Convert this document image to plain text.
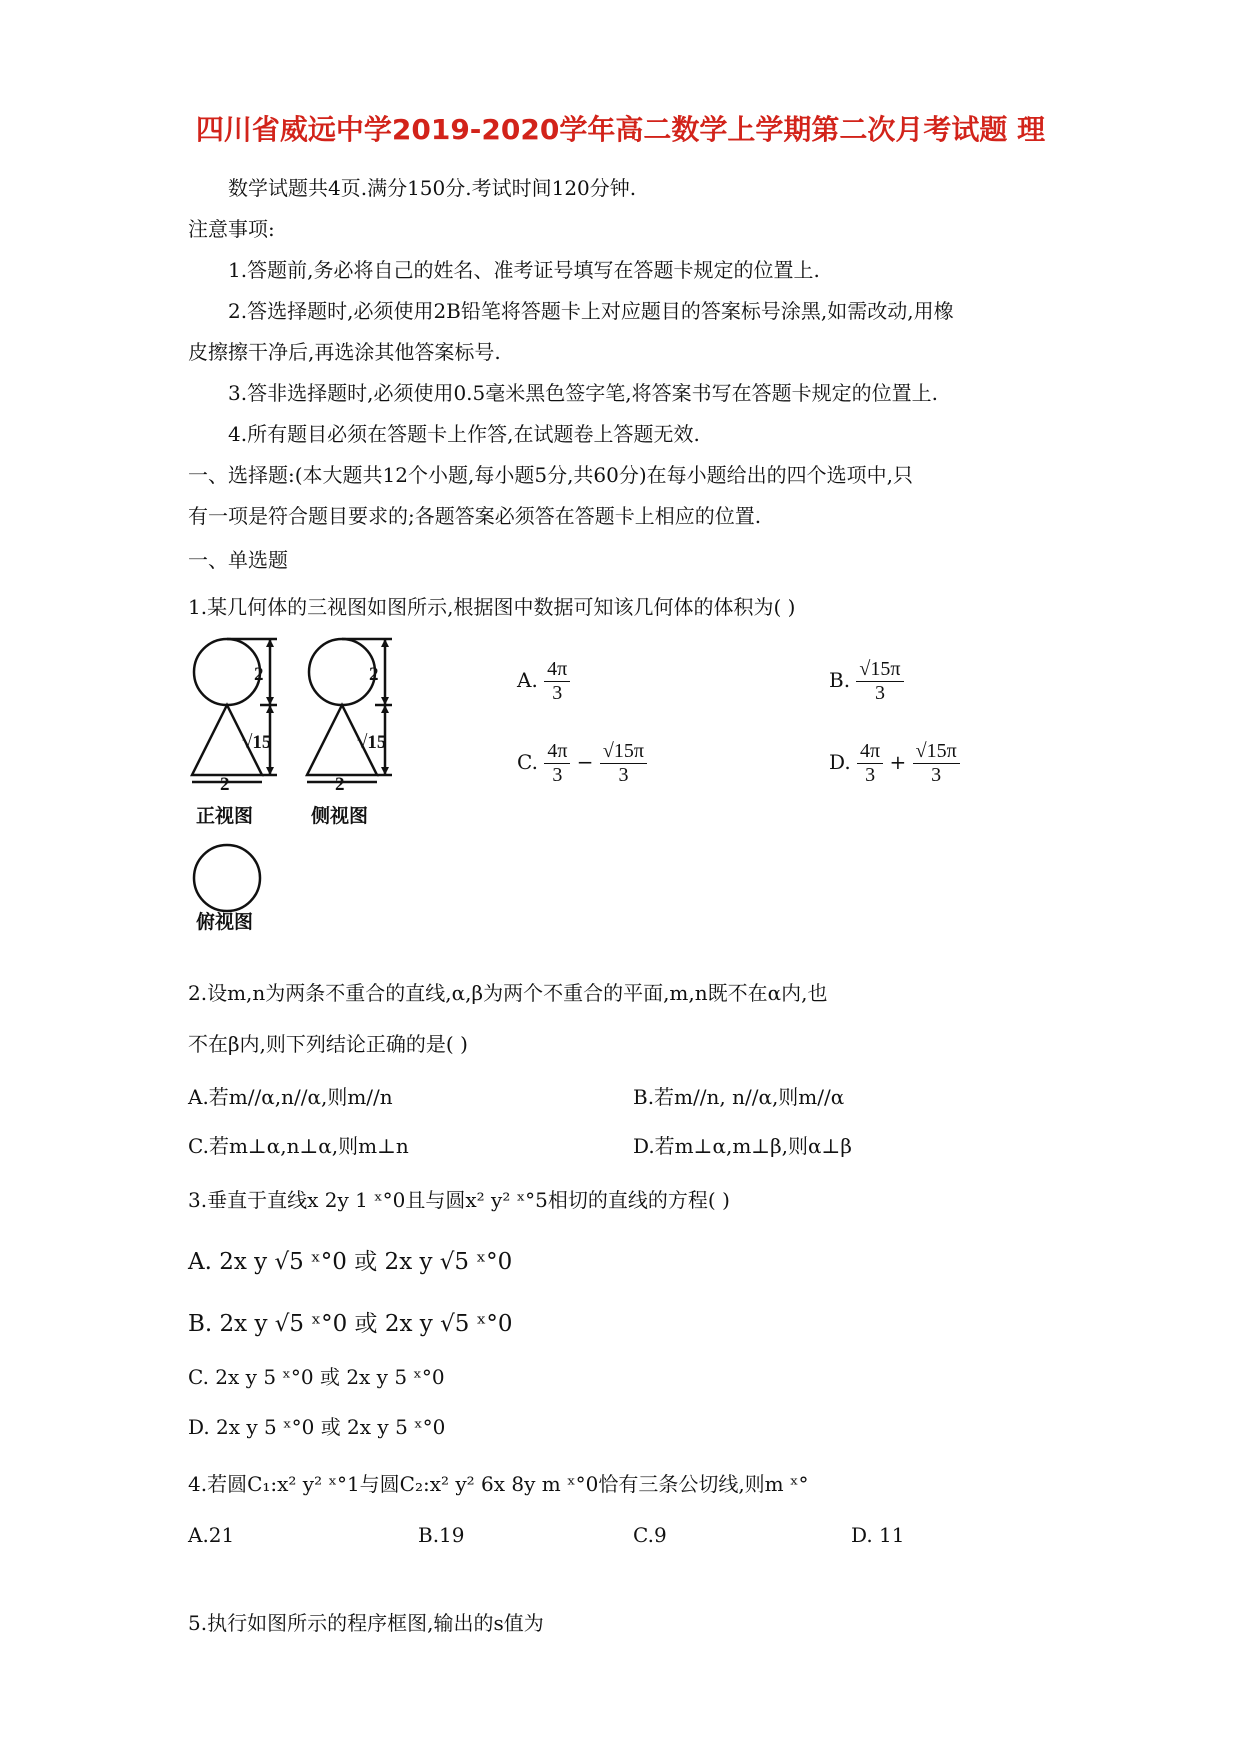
四川省威远中学2019-2020学年高二数学上学期第二次月考试题 理
数学试题共4页.满分150分.考试时间120分钟.
注意事项:
1.答题前,务必将自己的姓名、准考证号填写在答题卡规定的位置上.
2.答选择题时,必须使用2B铅笔将答题卡上对应题目的答案标号涂黑,如需改动,用橡
皮擦擦干净后,再选涂其他答案标号.
3.答非选择题时,必须使用0.5毫米黑色签字笔,将答案书写在答题卡规定的位置上.
4.所有题目必须在答题卡上作答,在试题卷上答题无效.
一、选择题:(本大题共12个小题,每小题5分,共60分)在每小题给出的四个选项中,只
有一项是符合题目要求的;各题答案必须答在答题卡上相应的位置.
一、单选题
1.某几何体的三视图如图所示,根据图中数据可知该几何体的体积为( )
2
√15
2
2
√15
2
正视图	侧视图
俯视图
A. $\frac{4\pi}{3}$	B. $\frac{√15\pi}{3}$
C. $\frac{4\pi}{3} - \frac{√15\pi}{3}$	D. $\frac{4\pi}{3} + \frac{√15\pi}{3}$
2.设m,n为两条不重合的直线,α,β为两个不重合的平面,m,n既不在α内,也
不在β内,则下列结论正确的是( )
A.若m//α,n//α,则m//n	B.若m//n, n//α,则m//α
C.若m⊥α,n⊥α,则m⊥n	D.若m⊥α,m⊥β,则α⊥β
3.垂直于直线x 2y 1 ˣ°0且与圆x² y² ˣ°5相切的直线的方程( )
A. 2x y √5 ˣ°0 或 2x y √5 ˣ°0
B. 2x y √5 ˣ°0 或 2x y √5 ˣ°0
C. 2x y 5 ˣ°0 或 2x y 5 ˣ°0
D. 2x y 5 ˣ°0 或 2x y 5 ˣ°0
4.若圆C₁:x² y² ˣ°1与圆C₂:x² y² 6x 8y m ˣ°0恰有三条公切线,则m ˣ°
A.21	B.19	C.9	D. 11
5.执行如图所示的程序框图,输出的s值为
